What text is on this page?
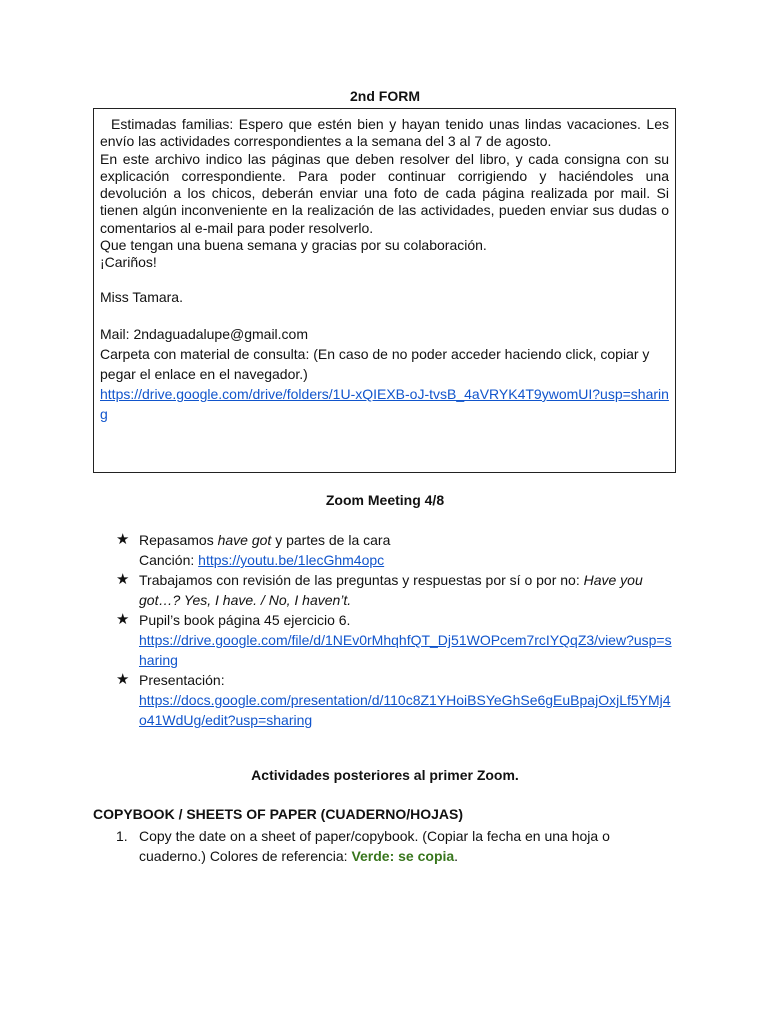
2nd FORM

Estimadas familias: Espero que estén bien y hayan tenido unas lindas vacaciones. Les envío las actividades correspondientes a la semana del 3 al 7 de agosto.

En este archivo indico las páginas que deben resolver del libro, y cada consigna con su explicación correspondiente. Para poder continuar corrigiendo y haciéndoles una devolución a los chicos, deberán enviar una foto de cada página realizada por mail. Si tienen algún inconveniente en la realización de las actividades, pueden enviar sus dudas o comentarios al e-mail para poder resolverlo.

Que tengan una buena semana y gracias por su colaboración.

¡Cariños!

Miss Tamara.

Mail: 2ndaguadalupe@gmail.com

Carpeta con material de consulta: (En caso de no poder acceder haciendo click, copiar y pegar el enlace en el navegador.)

https://drive.google.com/drive/folders/1U-xQIEXB-oJ-tvsB_4aVRYK4T9ywomUI?usp=sharing

Zoom Meeting 4/8
★ Repasamos have got y partes de la cara
Canción: https://youtu.be/1lecGhm4opc
★ Trabajamos con revisión de las preguntas y respuestas por sí o por no: Have you got…? Yes, I have. / No, I haven’t.
★ Pupil’s book página 45 ejercicio 6.
https://drive.google.com/file/d/1NEv0rMhqhfQT_Dj51WOPcem7rcIYQqZ3/view?usp=sharing
★ Presentación:
https://docs.google.com/presentation/d/110c8Z1YHoiBSYeGhSe6gEuBpajOxjLf5YMj4o41WdUg/edit?usp=sharing
Actividades posteriores al primer Zoom.
COPYBOOK / SHEETS OF PAPER (CUADERNO/HOJAS)
1. Copy the date on a sheet of paper/copybook. (Copiar la fecha en una hoja o cuaderno.) Colores de referencia: Verde: se copia.
